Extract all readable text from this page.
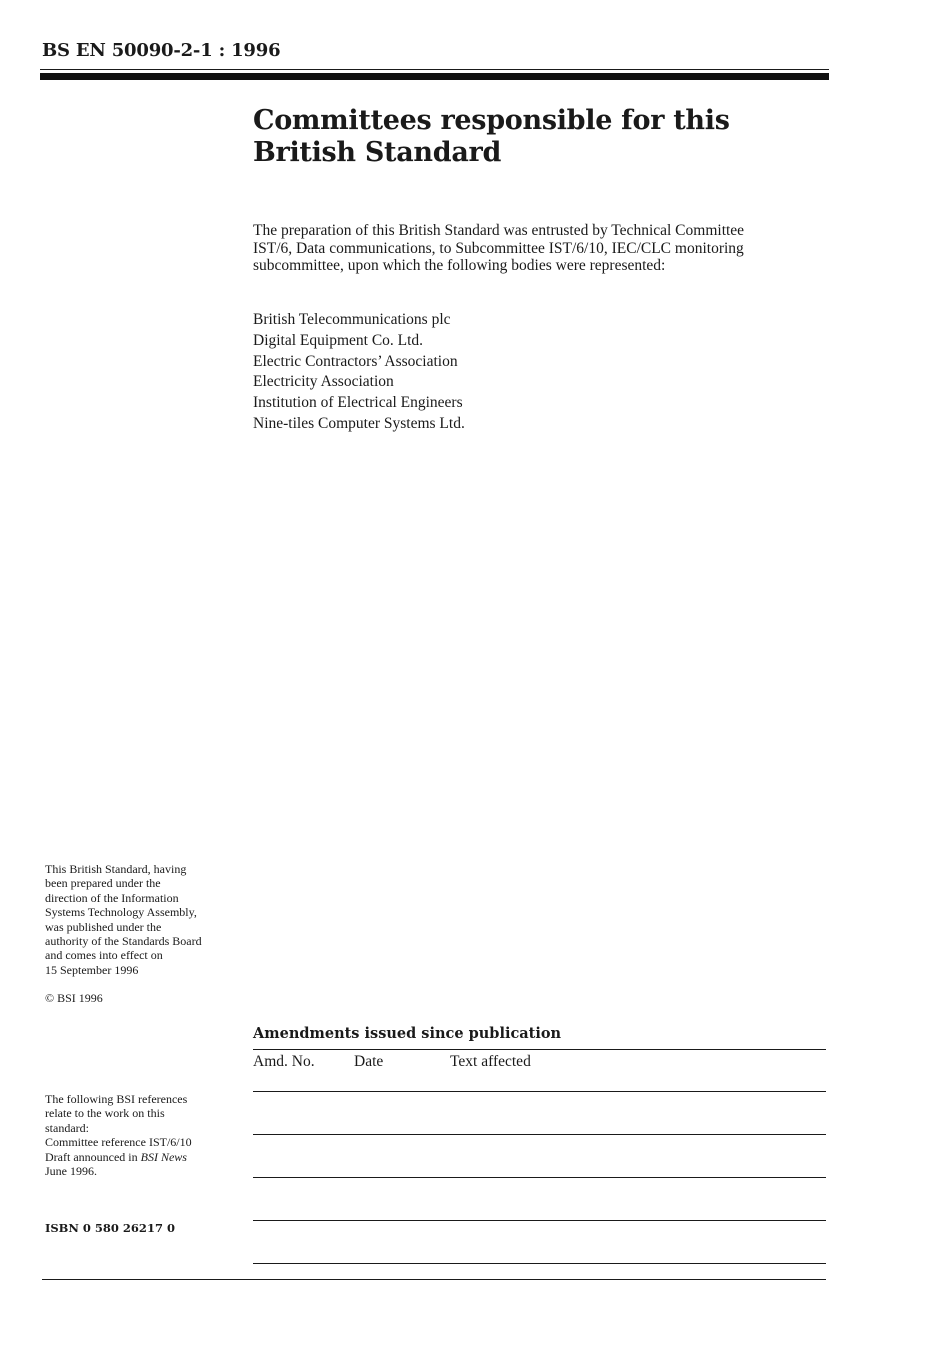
BS EN 50090-2-1 : 1996
Committees responsible for this
British Standard
The preparation of this British Standard was entrusted by Technical Committee
IST/6, Data communications, to Subcommittee IST/6/10, IEC/CLC monitoring
subcommittee, upon which the following bodies were represented:
British Telecommunications plc
Digital Equipment Co. Ltd.
Electric Contractors’ Association
Electricity Association
Institution of Electrical Engineers
Nine-tiles Computer Systems Ltd.
This British Standard, having
been prepared under the
direction of the Information
Systems Technology Assembly,
was published under the
authority of the Standards Board
and comes into effect on
15 September 1996
© BSI 1996
The following BSI references
relate to the work on this
standard:
Committee reference IST/6/10
Draft announced in BSI News
June 1996.
ISBN 0 580 26217 0
Amendments issued since publication
Amd. No.	Date	Text affected
